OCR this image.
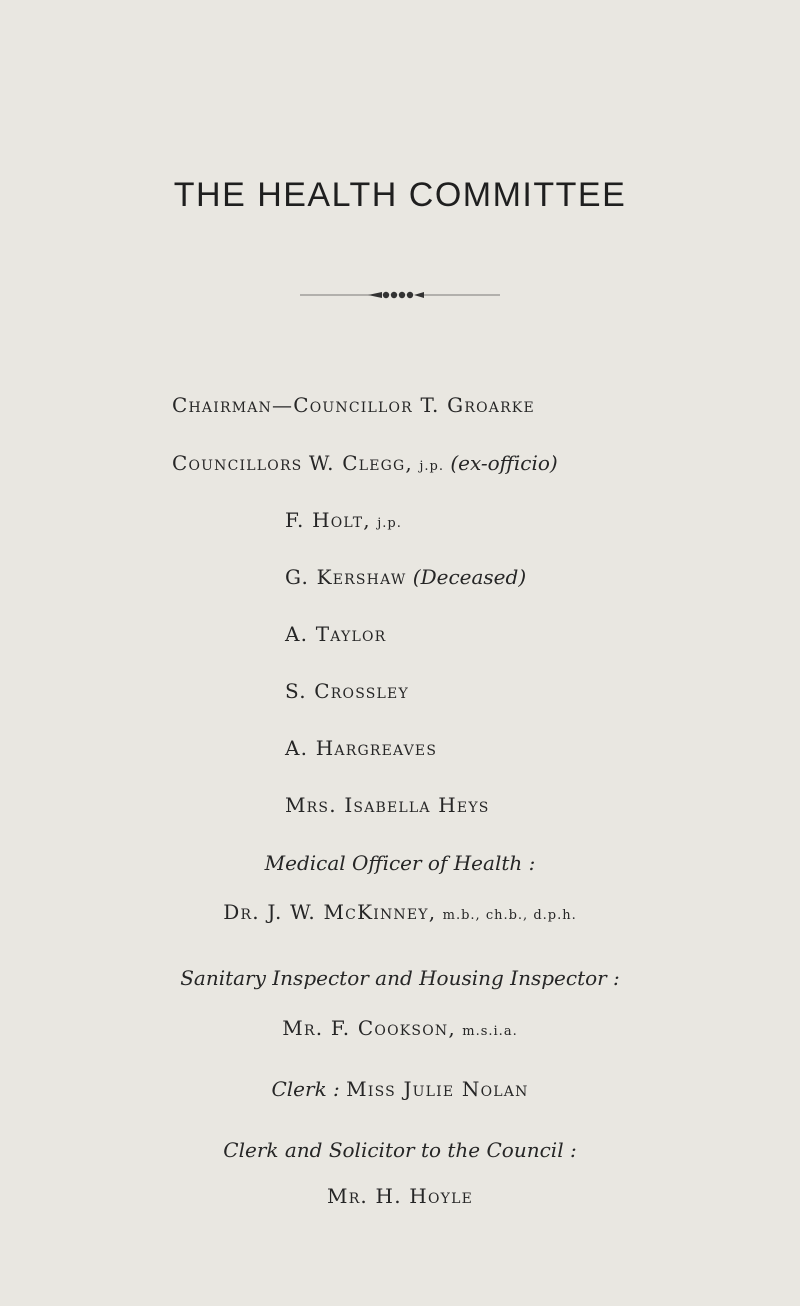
THE HEALTH COMMITTEE
Chairman—Councillor T. Groarke
Councillors W. Clegg, j.p. (ex-officio)
F. Holt, j.p.
G. Kershaw (Deceased)
A. Taylor
S. Crossley
A. Hargreaves
Mrs. Isabella Heys
Medical Officer of Health :
Dr. J. W. McKinney, m.b., ch.b., d.p.h.
Sanitary Inspector and Housing Inspector :
Mr. F. Cookson, m.s.i.a.
Clerk : Miss Julie Nolan
Clerk and Solicitor to the Council :
Mr. H. Hoyle
